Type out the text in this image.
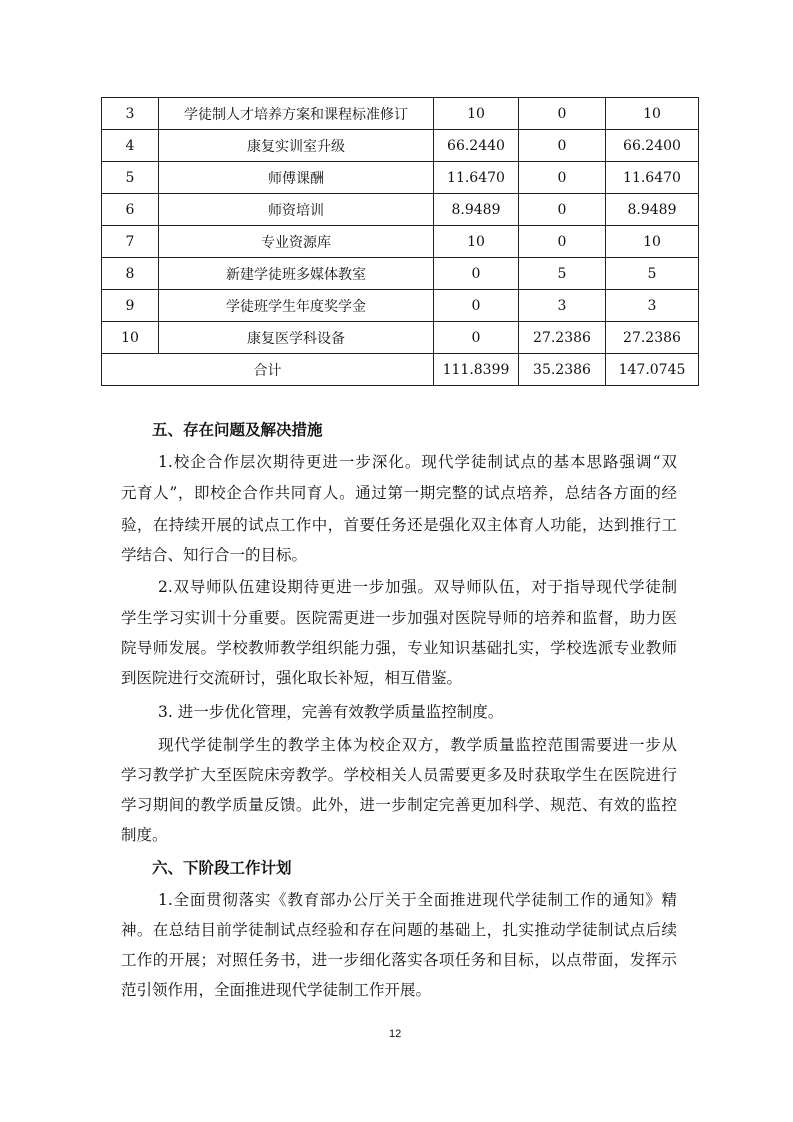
3	学徒制人才培养方案和课程标准修订	10	0	10
4	康复实训室升级	66.2440	0	66.2400
5	师傅课酬	11.6470	0	11.6470
6	师资培训	8.9489	0	8.9489
7	专业资源库	10	0	10
8	新建学徒班多媒体教室	0	5	5
9	学徒班学生年度奖学金	0	3	3
10	康复医学科设备	0	27.2386	27.2386
合计		111.8399	35.2386	147.0745
五、存在问题及解决措施
1.校企合作层次期待更进一步深化。现代学徒制试点的基本思路强调“双
元育人”，即校企合作共同育人。通过第一期完整的试点培养，总结各方面的经
验，在持续开展的试点工作中，首要任务还是强化双主体育人功能，达到推行工
学结合、知行合一的目标。
2.双导师队伍建设期待更进一步加强。双导师队伍，对于指导现代学徒制
学生学习实训十分重要。医院需更进一步加强对医院导师的培养和监督，助力医
院导师发展。学校教师教学组织能力强，专业知识基础扎实，学校选派专业教师
到医院进行交流研讨，强化取长补短，相互借鉴。
3. 进一步优化管理，完善有效教学质量监控制度。
现代学徒制学生的教学主体为校企双方，教学质量监控范围需要进一步从
学习教学扩大至医院床旁教学。学校相关人员需要更多及时获取学生在医院进行
学习期间的教学质量反馈。此外，进一步制定完善更加科学、规范、有效的监控
制度。
1.全面贯彻落实《教育部办公厅关于全面推进现代学徒制工作的通知》精
神。在总结目前学徒制试点经验和存在问题的基础上，扎实推动学徒制试点后续
工作的开展；对照任务书，进一步细化落实各项任务和目标，以点带面，发挥示
范引领作用，全面推进现代学徒制工作开展。
六、下阶段工作计划
12
